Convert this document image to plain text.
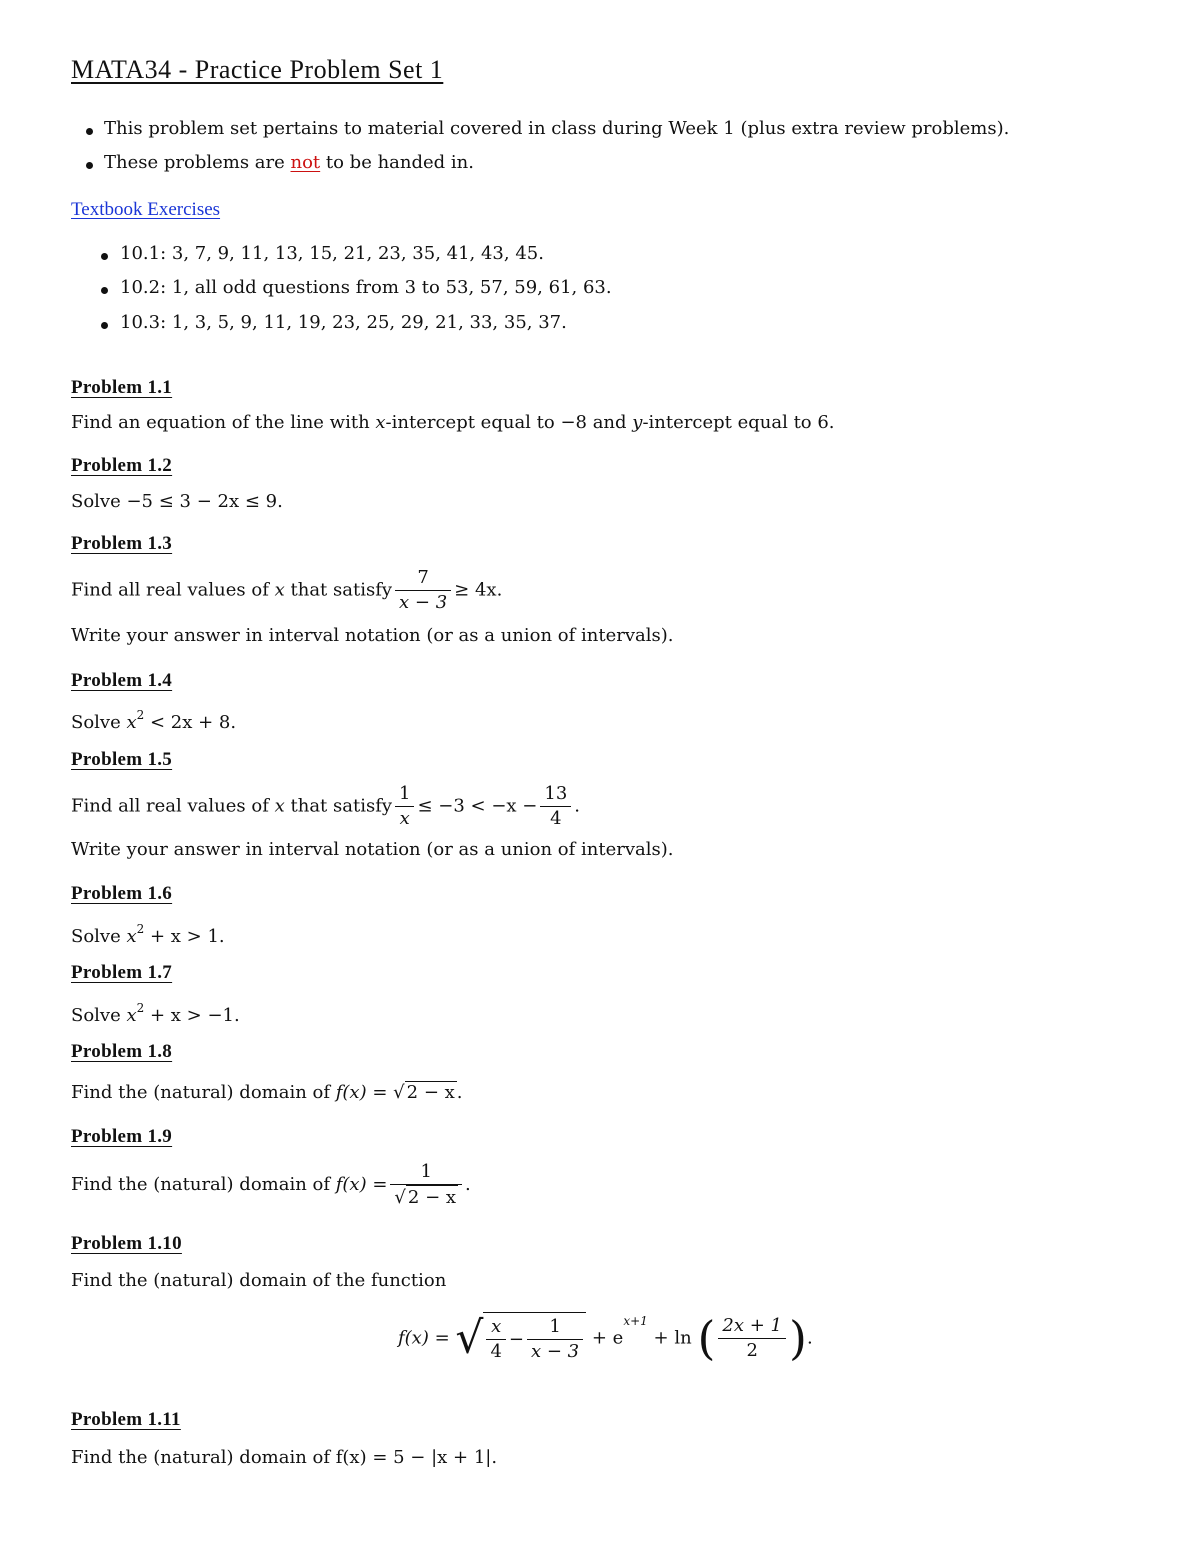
MATA34 - Practice Problem Set 1
This problem set pertains to material covered in class during Week 1 (plus extra review problems).
These problems are not to be handed in.
Textbook Exercises
10.1: 3, 7, 9, 11, 13, 15, 21, 23, 35, 41, 43, 45.
10.2: 1, all odd questions from 3 to 53, 57, 59, 61, 63.
10.3: 1, 3, 5, 9, 11, 19, 23, 25, 29, 21, 33, 35, 37.
Problem 1.1
Find an equation of the line with x-intercept equal to −8 and y-intercept equal to 6.
Problem 1.2
Solve −5 ≤ 3 − 2x ≤ 9.
Problem 1.3
Find all real values of x that satisfy $\frac{7}{x - 3} \ge 4x$.
Write your answer in interval notation (or as a union of intervals).
Problem 1.4
Solve $x^2 < 2x + 8$.
Problem 1.5
Find all real values of x that satisfy $\frac{1}{x} \le -3 < -x - \frac{13}{4}$ .
Write your answer in interval notation (or as a union of intervals).
Problem 1.6
Solve $x^2 + x > 1$.
Problem 1.7
Solve $x^2 + x > -1$.
Problem 1.8
Find the (natural) domain of f(x) = √ 2 − x .
Problem 1.9
Find the (natural) domain of $f(x) = \frac{1}{√ 2 - x}$ .
Problem 1.10
Find the (natural) domain of the function
f(x) = √ $\frac{x}{4} - \frac{1}{x - 3} + e^{x+1} + \ln$ ( $\frac{2x + 1}{2}$ ).
Problem 1.11
Find the (natural) domain of f(x) = 5 − |x + 1|.
